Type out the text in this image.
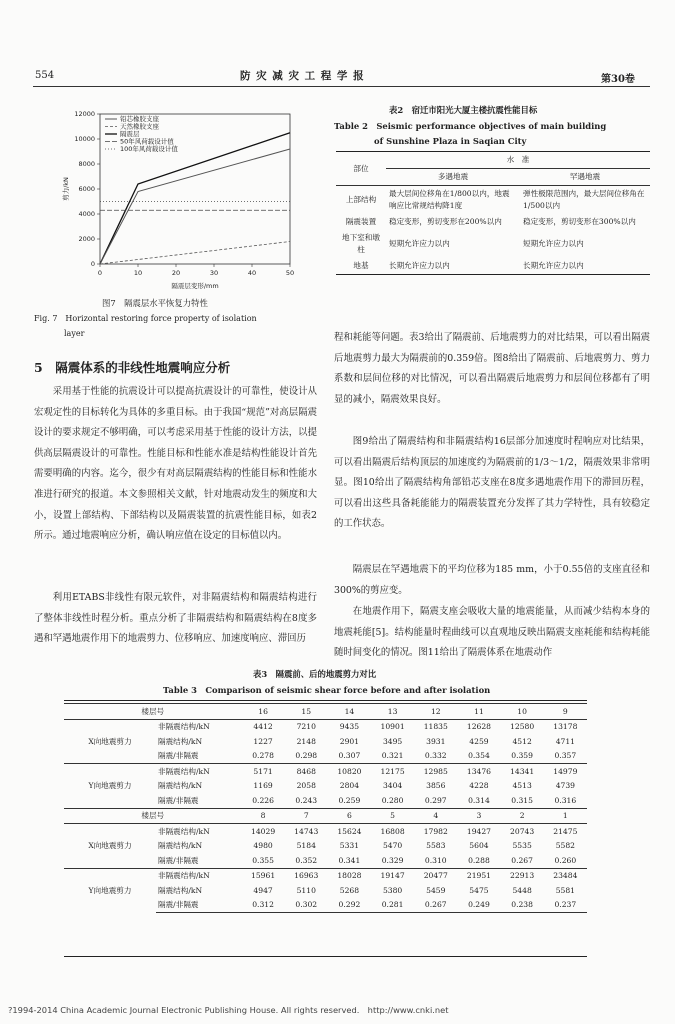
554	防 灾 减 灾 工 程 学 报	第30卷
0
2000
4000
6000
8000
10000
12000
0	10	20	30	40	50
隔震层变形/mm
剪力/kN
铅芯橡胶支座
天然橡胶支座
隔震层
50年风荷载设计值
100年风荷载设计值
图7　隔震层水平恢复力特性
Fig. 7　Horizontal restoring force property of isolation
layer
5　隔震体系的非线性地震响应分析

采用基于性能的抗震设计可以提高抗震设计的可靠性，使设计从宏观定性的目标转化为具体的多重目标。由于我国“规范”对高层隔震设计的要求规定不够明确，可以考虑采用基于性能的设计方法，以提供高层隔震设计的可靠性。性能目标和性能水准是结构性能设计首先需要明确的内容。迄今，很少有对高层隔震结构的性能目标和性能水准进行研究的报道。本文参照相关文献，针对地震动发生的频度和大小，设置上部结构、下部结构以及隔震装置的抗震性能目标，如表2所示。通过地震响应分析，确认响应值在设定的目标值以内。

利用ETABS非线性有限元软件，对非隔震结构和隔震结构进行了整体非线性时程分析。重点分析了非隔震结构和隔震结构在8度多遇和罕遇地震作用下的地震剪力、位移响应、加速度响应、滞回历

表2　宿迁市阳光大厦主楼抗震性能目标
Table 2　Seismic performance objectives of main building
of Sunshine Plaza in Saqian City
部位	水　准	
	多遇地震	罕遇地震
上部结构	最大层间位移角在1/800以内，地震响应比常规结构降1度	弹性极限范围内，最大层间位移角在1/500以内
隔震装置	稳定变形，剪切变形在200%以内	稳定变形，剪切变形在300%以内
地下室和墩柱	短期允许应力以内	短期允许应力以内
地基	长期允许应力以内	长期允许应力以内

程和耗能等问题。表3给出了隔震前、后地震剪力的对比结果，可以看出隔震后地震剪力最大为隔震前的0.359倍。图8给出了隔震前、后地震剪力、剪力系数和层间位移的对比情况，可以看出隔震后地震剪力和层间位移都有了明显的减小，隔震效果良好。

图9给出了隔震结构和非隔震结构16层部分加速度时程响应对比结果，可以看出隔震后结构顶层的加速度约为隔震前的1/3～1/2，隔震效果非常明显。图10给出了隔震结构角部铅芯支座在8度多遇地震作用下的滞回历程，可以看出这些具备耗能能力的隔震装置充分发挥了其力学特性，具有较稳定的工作状态。

隔震层在罕遇地震下的平均位移为185 mm，小于0.55倍的支座直径和300%的剪应变。

在地震作用下，隔震支座会吸收大量的地震能量，从而减少结构本身的地震耗能[5]。结构能量时程曲线可以直观地反映出隔震支座耗能和结构耗能随时间变化的情况。图11给出了隔震体系在地震动作

表3　隔震前、后的地震剪力对比
Table 3　Comparison of seismic shear force before and after isolation
楼层号		16	15	14	13	12	11	10	9
X向地震剪力	非隔震结构/kN	4412	7210	9435	10901	11835	12628	12580	13178
	隔震结构/kN	1227	2148	2901	3495	3931	4259	4512	4711
	隔震/非隔震	0.278	0.298	0.307	0.321	0.332	0.354	0.359	0.357
Y向地震剪力	非隔震结构/kN	5171	8468	10820	12175	12985	13476	14341	14979
	隔震结构/kN	1169	2058	2804	3404	3856	4228	4513	4739
	隔震/非隔震	0.226	0.243	0.259	0.280	0.297	0.314	0.315	0.316
楼层号		8	7	6	5	4	3	2	1
X向地震剪力	非隔震结构/kN	14029	14743	15624	16808	17982	19427	20743	21475
	隔震结构/kN	4980	5184	5331	5470	5583	5604	5535	5582
	隔震/非隔震	0.355	0.352	0.341	0.329	0.310	0.288	0.267	0.260
Y向地震剪力	非隔震结构/kN	15961	16963	18028	19147	20477	21951	22913	23484
	隔震结构/kN	4947	5110	5268	5380	5459	5475	5448	5581
	隔震/非隔震	0.312	0.302	0.292	0.281	0.267	0.249	0.238	0.237
?1994-2014 China Academic Journal Electronic Publishing House. All rights reserved.　http://www.cnki.net
